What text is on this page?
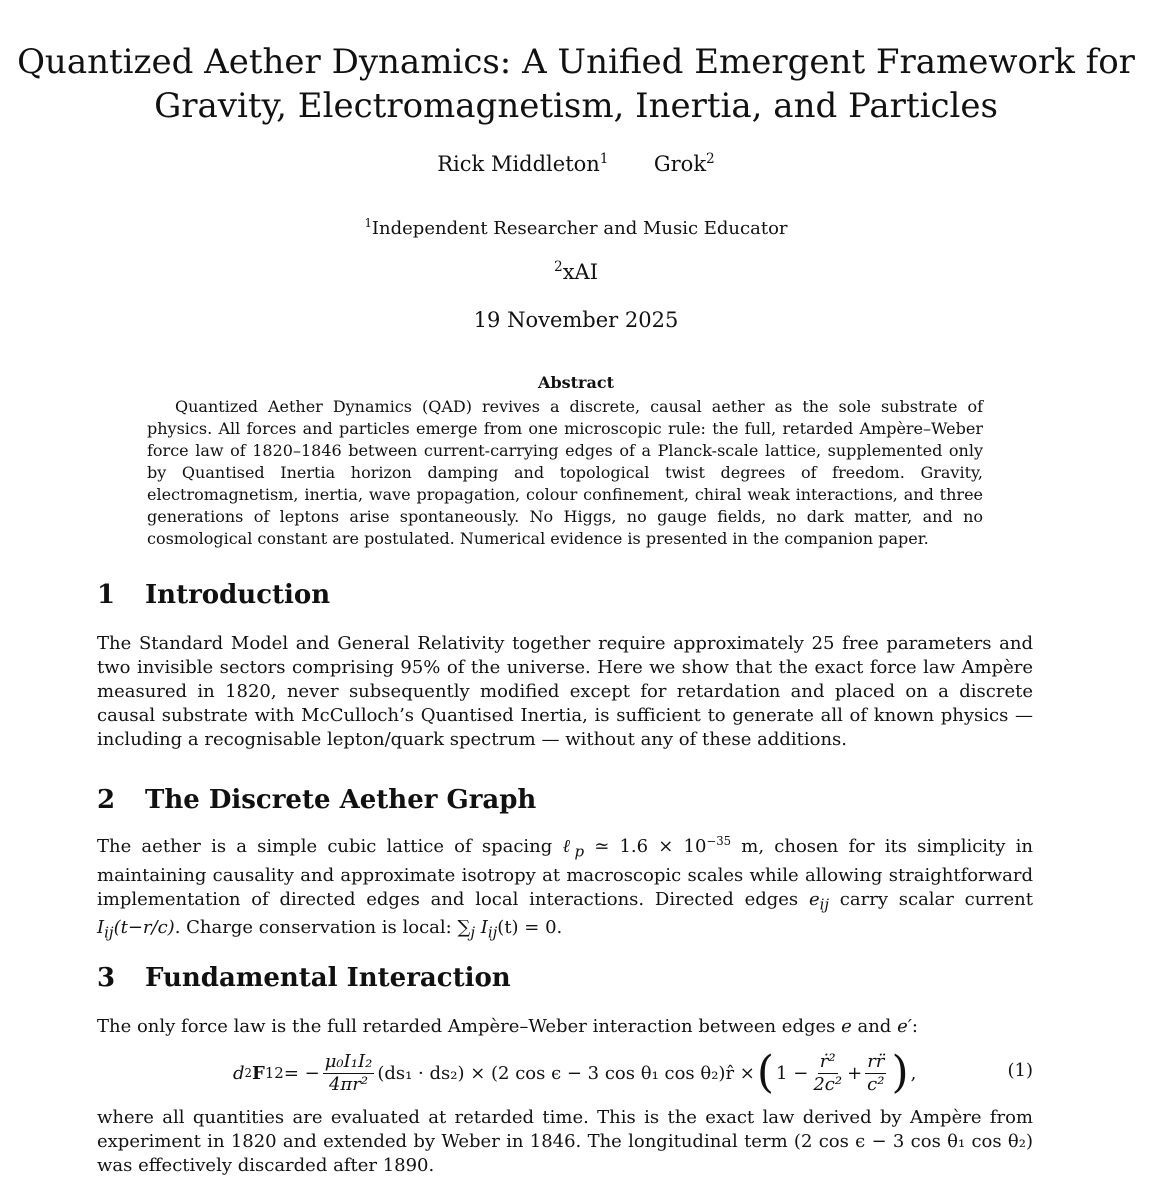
Quantized Aether Dynamics: A Unified Emergent Framework for
Gravity, Electromagnetism, Inertia, and Particles
Rick Middleton$^1$ Grok$^2$
$^1$Independent Researcher and Music Educator
$^2$xAI
19 November 2025
Abstract

Quantized Aether Dynamics (QAD) revives a discrete, causal aether as the sole substrate of physics. All forces and particles emerge from one microscopic rule: the full, retarded Ampère–Weber force law of 1820–1846 between current-carrying edges of a Planck-scale lattice, supplemented only by Quantised Inertia horizon damping and topological twist degrees of freedom. Gravity, electromagnetism, inertia, wave propagation, colour confinement, chiral weak interactions, and three generations of leptons arise spontaneously. No Higgs, no gauge fields, no dark matter, and no cosmological constant are postulated. Numerical evidence is presented in the companion paper.

1 Introduction

The Standard Model and General Relativity together require approximately 25 free parameters and two invisible sectors comprising 95% of the universe. Here we show that the exact force law Ampère measured in 1820, never subsequently modified except for retardation and placed on a discrete causal substrate with McCulloch’s Quantised Inertia, is sufficient to generate all of known physics — including a recognisable lepton/quark spectrum — without any of these additions.

2 The Discrete Aether Graph

The aether is a simple cubic lattice of spacing ℓ$_p$ ≃ $1.6 \times 10^{-35}$ m, chosen for its simplicity in maintaining causality and approximate isotropy at macroscopic scales while allowing straightforward implementation of directed edges and local interactions. Directed edges $e_{ij}$ carry scalar current $I_{ij}(t-r/c)$. Charge conservation is local: $\sum_j$ $I_{ij}(t) = 0$.

3 Fundamental Interaction

The only force law is the full retarded Ampère–Weber interaction between edges e and e′:

d 2 F 12 = − $\frac{\text{μ₀I₁I₂}}{\text{4πr²}} (ds_1 \cdot ds_2) \times (2$ cos ϵ − 3 cos θ₁ cos θ₂)r̂ × ( $1 - \frac{\text{ṙ²}}{\text{2c²}} + \frac{rr̈}{\text{c²}}$ ) ,	(1)

where all quantities are evaluated at retarded time. This is the exact law derived by Ampère from experiment in 1820 and extended by Weber in 1846. The longitudinal term (2 cos ϵ − 3 cos θ₁ cos θ₂) was effectively discarded after 1890.
